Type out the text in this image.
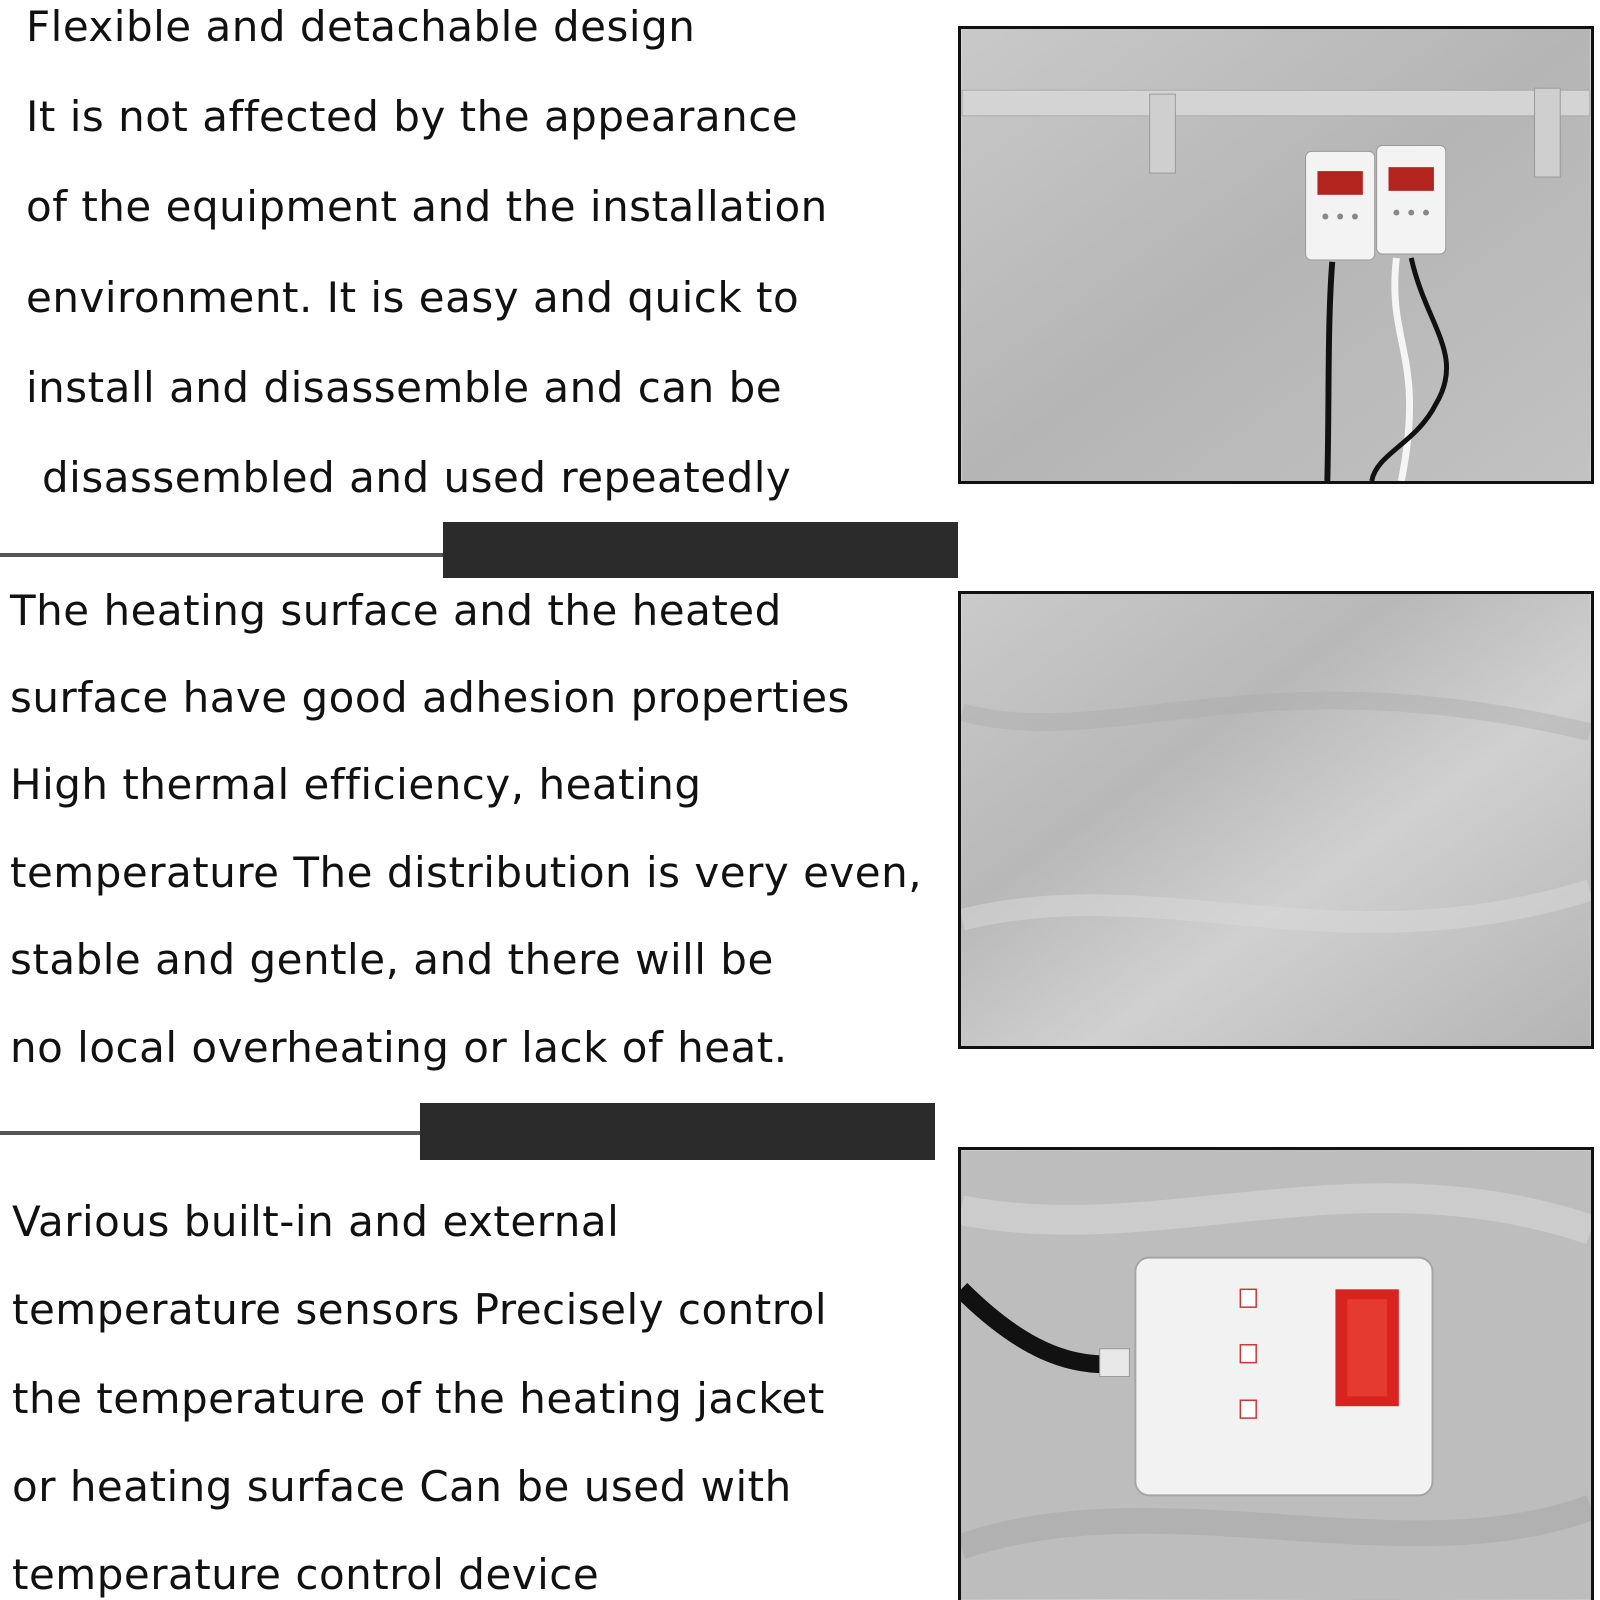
Flexible and detachable design
It is not affected by the appearance
of the equipment and the installation
environment. It is easy and quick to
install and disassemble and can be
disassembled and used repeatedly
The heating surface and the heated
surface have good adhesion properties
High thermal efficiency, heating
temperature The distribution is very even,
stable and gentle, and there will be
no local overheating or lack of heat.
Various built-in and external
temperature sensors Precisely control
the temperature of the heating jacket
or heating surface Can be used with
temperature control device
